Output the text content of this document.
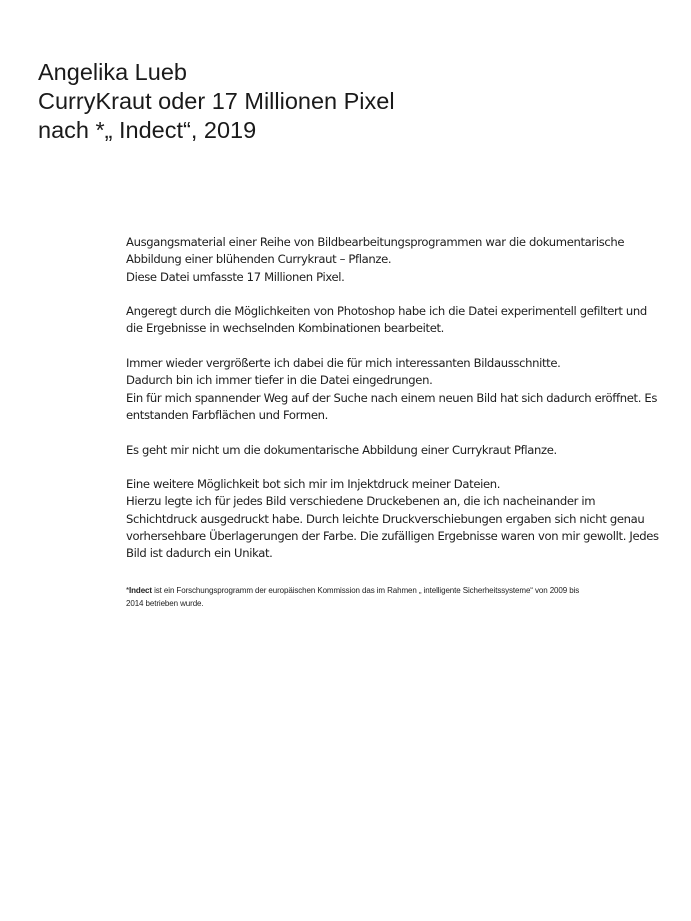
Angelika Lueb
CurryKraut oder 17 Millionen Pixel
nach *„ Indect“, 2019

Ausgangsmaterial einer Reihe von Bildbearbeitungsprogrammen war die dokumentarische
Abbildung einer blühenden Currykraut – Pflanze.
Diese Datei umfasste 17 Millionen Pixel.

Angeregt durch die Möglichkeiten von Photoshop habe ich die Datei experimentell gefiltert und
die Ergebnisse in wechselnden Kombinationen bearbeitet.

Immer wieder vergrößerte ich dabei die für mich interessanten Bildausschnitte.
Dadurch bin ich immer tiefer in die Datei eingedrungen.
Ein für mich spannender Weg auf der Suche nach einem neuen Bild hat sich dadurch eröffnet. Es
entstanden Farbflächen und Formen.

Es geht mir nicht um die dokumentarische Abbildung einer Currykraut Pflanze.

Eine weitere Möglichkeit bot sich mir im Injektdruck meiner Dateien.
Hierzu legte ich für jedes Bild verschiedene Druckebenen an, die ich nacheinander im
Schichtdruck ausgedruckt habe. Durch leichte Druckverschiebungen ergaben sich nicht genau
vorhersehbare Überlagerungen der Farbe. Die zufälligen Ergebnisse waren von mir gewollt. Jedes
Bild ist dadurch ein Unikat.

*Indect ist ein Forschungsprogramm der europäischen Kommission das im Rahmen „ intelligente Sicherheitssysteme“ von 2009 bis
2014 betrieben wurde.
